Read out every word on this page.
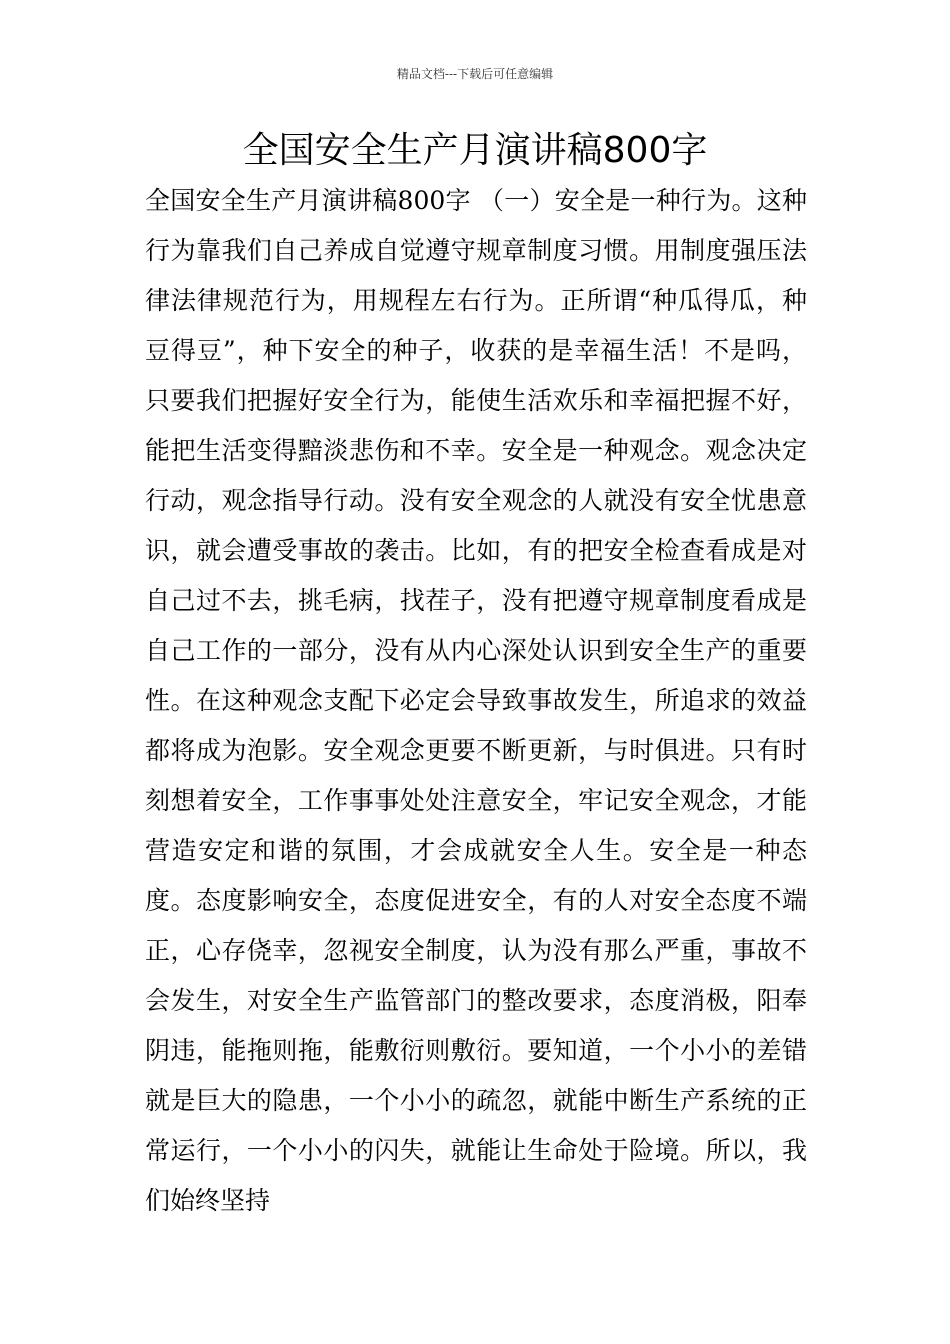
精品文档---下载后可任意编辑
全国安全生产月演讲稿800字

全国安全生产月演讲稿800字 （一）安全是一种行为。这种行为靠我们自己养成自觉遵守规章制度习惯。用制度强压法律法律规范行为，用规程左右行为。正所谓“种瓜得瓜，种豆得豆”，种下安全的种子，收获的是幸福生活！不是吗，只要我们把握好安全行为，能使生活欢乐和幸福把握不好，能把生活变得黯淡悲伤和不幸。安全是一种观念。观念决定行动，观念指导行动。没有安全观念的人就没有安全忧患意识，就会遭受事故的袭击。比如，有的把安全检查看成是对自己过不去，挑毛病，找茬子，没有把遵守规章制度看成是自己工作的一部分，没有从内心深处认识到安全生产的重要性。在这种观念支配下必定会导致事故发生，所追求的效益都将成为泡影。安全观念更要不断更新，与时俱进。只有时刻想着安全，工作事事处处注意安全，牢记安全观念，才能营造安定和谐的氛围，才会成就安全人生。安全是一种态度。态度影响安全，态度促进安全，有的人对安全态度不端正，心存侥幸，忽视安全制度，认为没有那么严重，事故不会发生，对安全生产监管部门的整改要求，态度消极，阳奉阴违，能拖则拖，能敷衍则敷衍。要知道，一个小小的差错就是巨大的隐患，一个小小的疏忽，就能中断生产系统的正常运行，一个小小的闪失，就能让生命处于险境。所以，我们始终坚持
